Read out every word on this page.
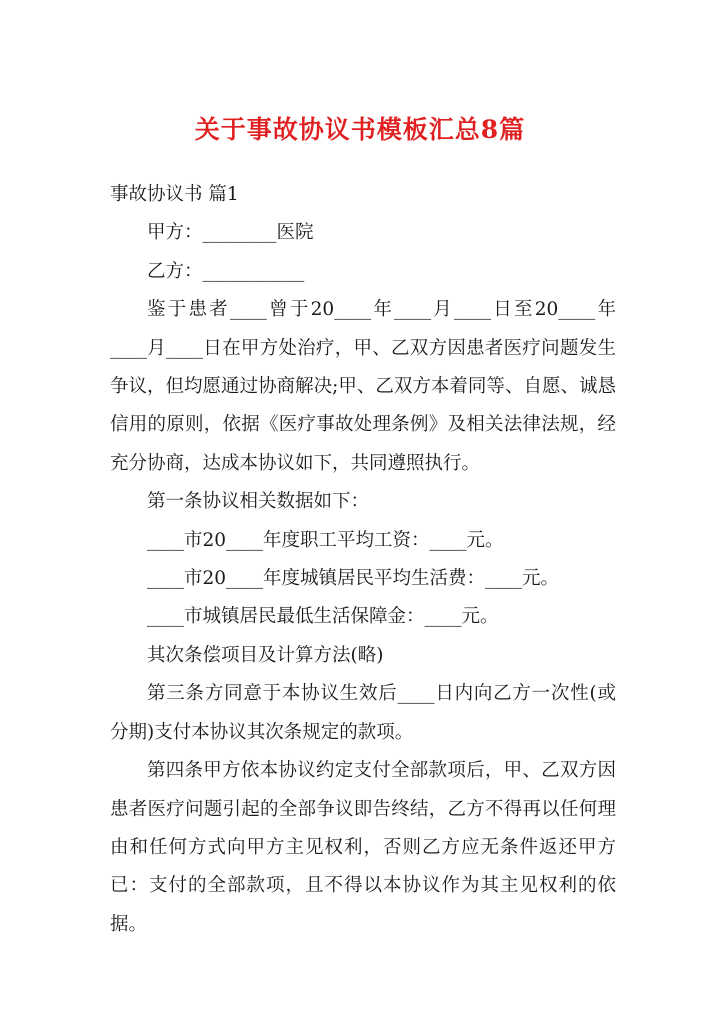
关于事故协议书模板汇总8篇

事故协议书 篇1

甲方：________医院

乙方：___________

鉴于患者____曾于20____年____月____日至20____年____月____日在甲方处治疗，甲、乙双方因患者医疗问题发生争议，但均愿通过协商解决;甲、乙双方本着同等、自愿、诚恳信用的原则，依据《医疗事故处理条例》及相关法律法规，经充分协商，达成本协议如下，共同遵照执行。

第一条协议相关数据如下：

____市20____年度职工平均工资：____元。

____市20____年度城镇居民平均生活费：____元。

____市城镇居民最低生活保障金：____元。

其次条偿项目及计算方法(略)

第三条方同意于本协议生效后____日内向乙方一次性(或分期)支付本协议其次条规定的款项。

第四条甲方依本协议约定支付全部款项后，甲、乙双方因患者医疗问题引起的全部争议即告终结，乙方不得再以任何理由和任何方式向甲方主见权利，否则乙方应无条件返还甲方已：支付的全部款项，且不得以本协议作为其主见权利的依据。
